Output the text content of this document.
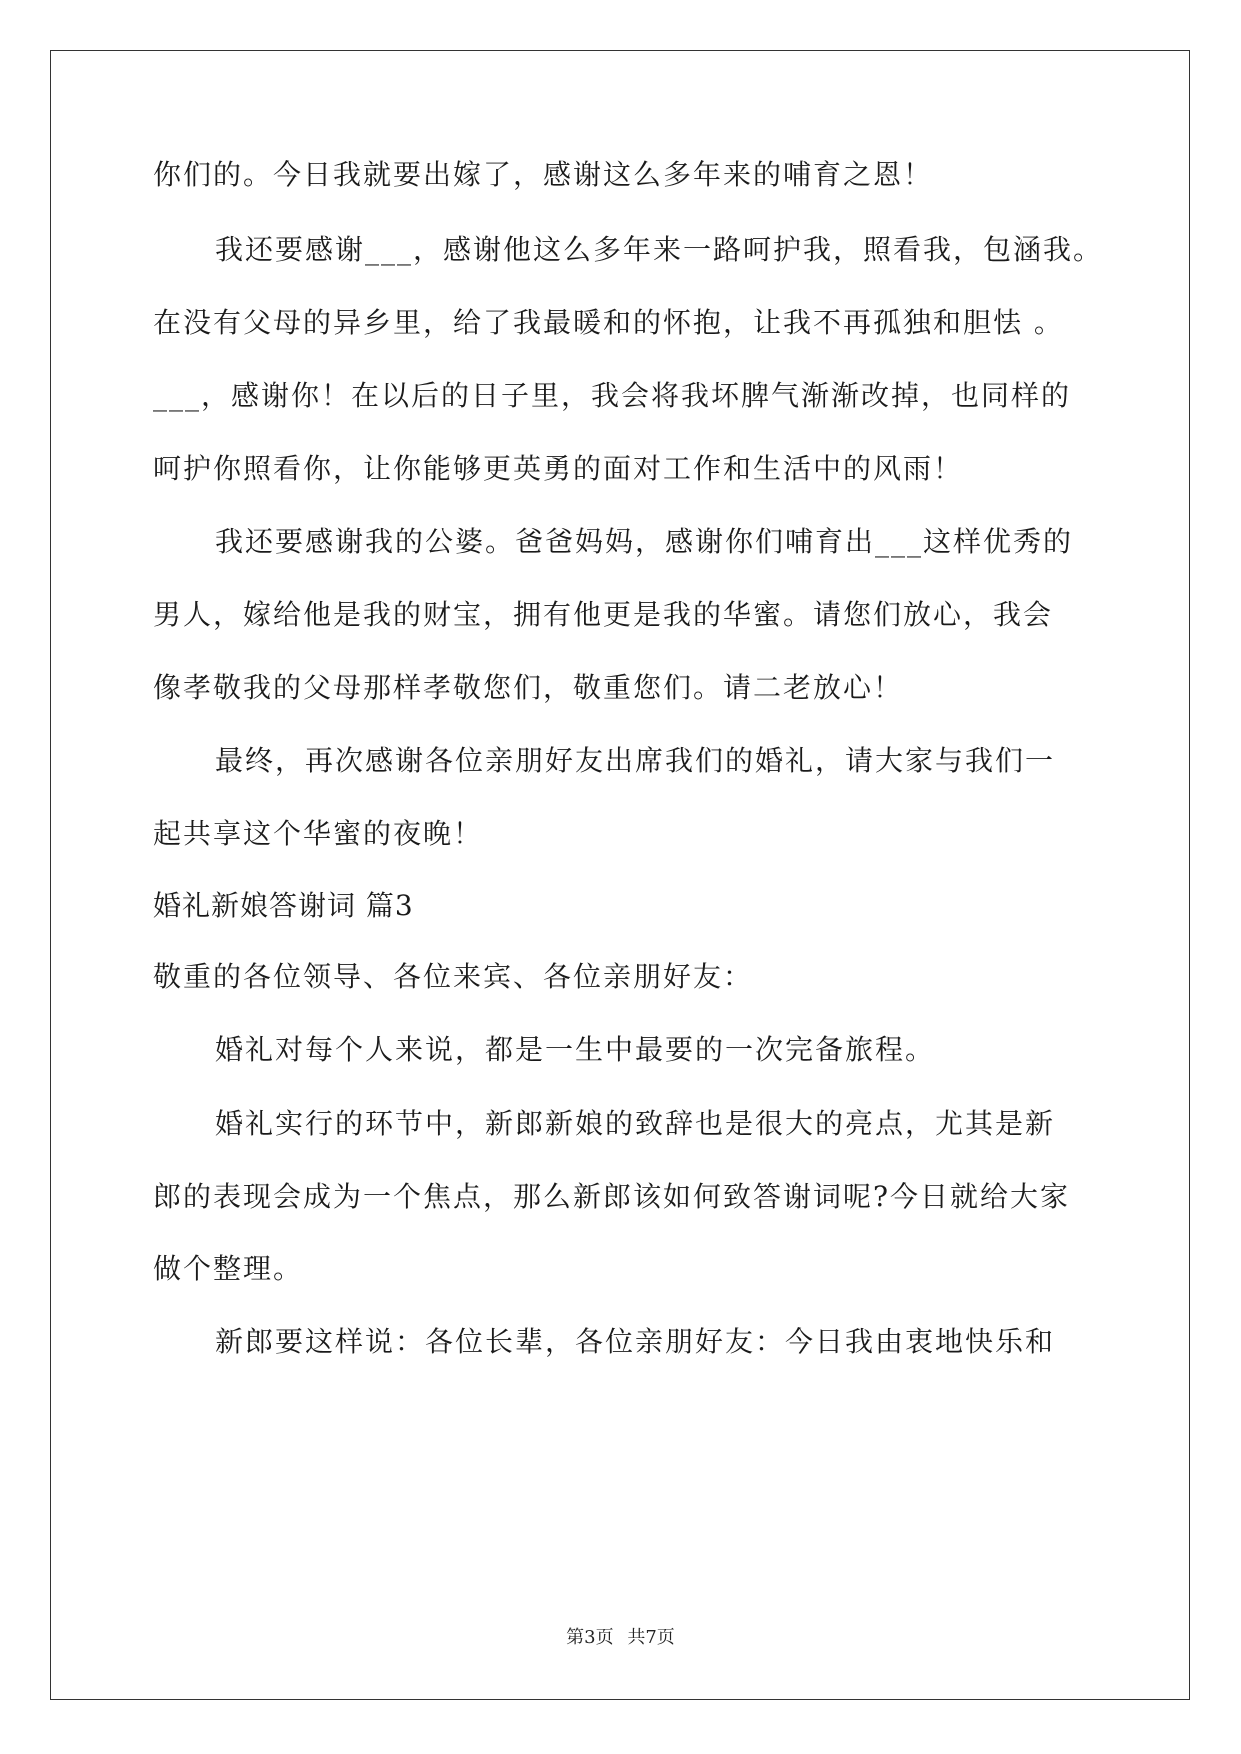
你们的。今日我就要出嫁了，感谢这么多年来的哺育之恩！
我还要感谢___，感谢他这么多年来一路呵护我，照看我，包涵我。
在没有父母的异乡里，给了我最暖和的怀抱，让我不再孤独和胆怯 。
___，感谢你！在以后的日子里，我会将我坏脾气渐渐改掉，也同样的
呵护你照看你，让你能够更英勇的面对工作和生活中的风雨！
我还要感谢我的公婆。爸爸妈妈，感谢你们哺育出___这样优秀的
男人，嫁给他是我的财宝，拥有他更是我的华蜜。请您们放心，我会
像孝敬我的父母那样孝敬您们，敬重您们。请二老放心！
最终，再次感谢各位亲朋好友出席我们的婚礼，请大家与我们一
起共享这个华蜜的夜晚！
婚礼新娘答谢词 篇3
敬重的各位领导、各位来宾、各位亲朋好友：
婚礼对每个人来说，都是一生中最要的一次完备旅程。
婚礼实行的环节中，新郎新娘的致辞也是很大的亮点，尤其是新
郎的表现会成为一个焦点，那么新郎该如何致答谢词呢?今日就给大家
做个整理。
新郎要这样说：各位长辈，各位亲朋好友：今日我由衷地快乐和
第3页 共7页
